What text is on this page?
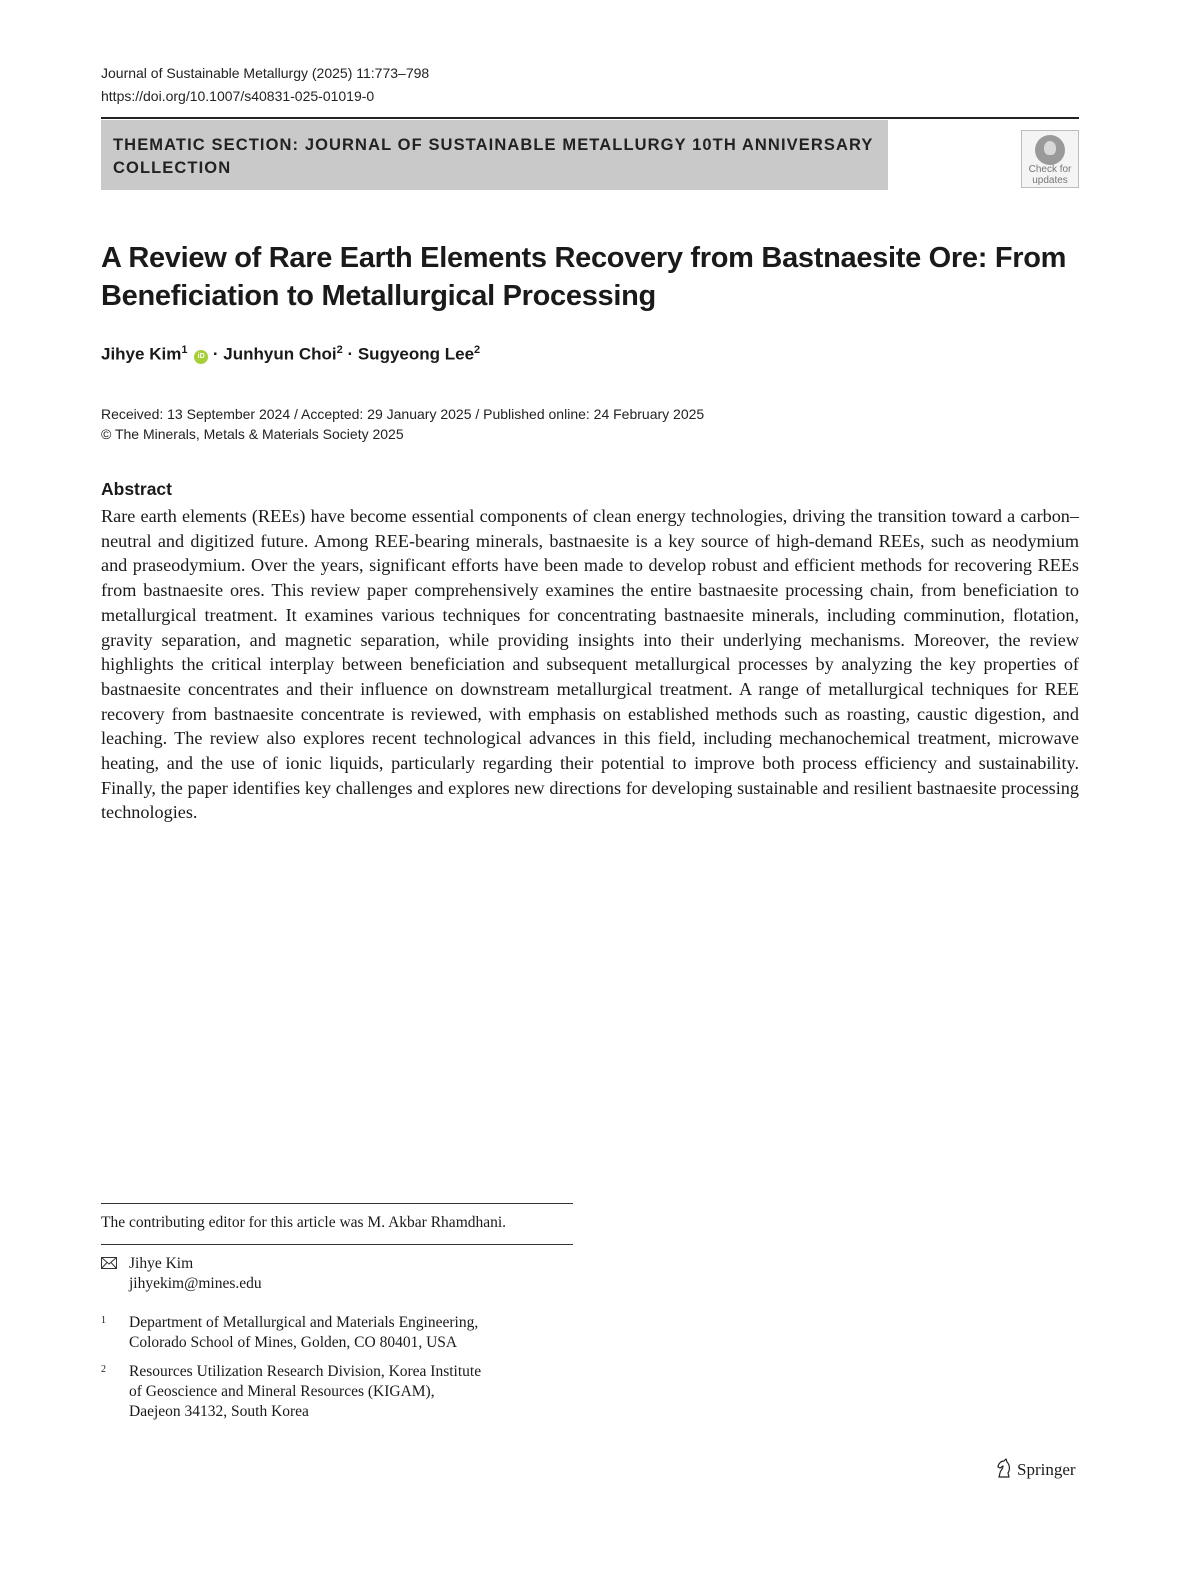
Journal of Sustainable Metallurgy (2025) 11:773–798
https://doi.org/10.1007/s40831-025-01019-0
THEMATIC SECTION: JOURNAL OF SUSTAINABLE METALLURGY 10TH ANNIVERSARY COLLECTION	Check for
updates
A Review of Rare Earth Elements Recovery from Bastnaesite Ore: From Beneficiation to Metallurgical Processing
Jihye Kim$^1$ iD · Junhyun Choi$^2$ · Sugyeong Lee$^2$
Received: 13 September 2024 / Accepted: 29 January 2025 / Published online: 24 February 2025
© The Minerals, Metals & Materials Society 2025
Abstract

Rare earth elements (REEs) have become essential components of clean energy technologies, driving the transition toward a carbon–neutral and digitized future. Among REE-bearing minerals, bastnaesite is a key source of high-demand REEs, such as neodymium and praseodymium. Over the years, significant efforts have been made to develop robust and efficient methods for recovering REEs from bastnaesite ores. This review paper comprehensively examines the entire bastnaesite processing chain, from beneficiation to metallurgical treatment. It examines various techniques for concentrating bastnaesite minerals, including comminution, flotation, gravity separation, and magnetic separation, while providing insights into their underlying mechanisms. Moreover, the review highlights the critical interplay between beneficiation and subsequent metallurgical processes by analyzing the key properties of bastnaesite concentrates and their influence on downstream metallurgical treatment. A range of metallurgical techniques for REE recovery from bastnaesite concentrate is reviewed, with emphasis on established methods such as roasting, caustic digestion, and leaching. The review also explores recent technological advances in this field, including mechanochemical treatment, microwave heating, and the use of ionic liquids, particularly regarding their potential to improve both process efficiency and sustainability. Finally, the paper identifies key challenges and explores new directions for developing sustainable and resilient bastnaesite processing technologies.

The contributing editor for this article was M. Akbar Rhamdhani.
Jihye Kim
jihyekim@mines.edu
1 Department of Metallurgical and Materials Engineering,
Colorado School of Mines, Golden, CO 80401, USA
2 Resources Utilization Research Division, Korea Institute
of Geoscience and Mineral Resources (KIGAM),
Daejeon 34132, South Korea
Springer
